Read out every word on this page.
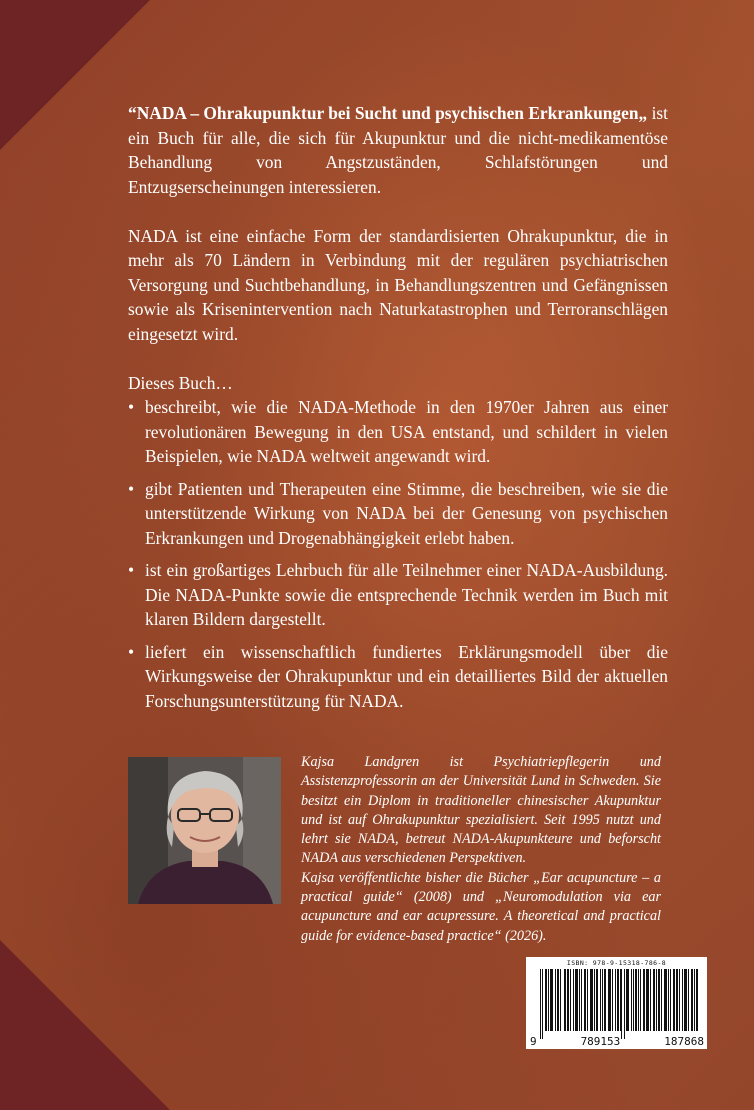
“NADA – Ohrakupunktur bei Sucht und psychischen Erkrankungen„ ist ein Buch für alle, die sich für Akupunktur und die nicht-medikamentöse Behandlung von Angstzuständen, Schlafstörungen und Entzugserscheinungen interessieren.

NADA ist eine einfache Form der standardisierten Ohrakupunktur, die in mehr als 70 Ländern in Verbindung mit der regulären psychiatrischen Versorgung und Suchtbehandlung, in Behandlungszentren und Gefängnissen sowie als Krisenintervention nach Naturkatastrophen und Terroranschlägen eingesetzt wird.

Dieses Buch…

• beschreibt, wie die NADA-Methode in den 1970er Jahren aus einer revolutionären Bewegung in den USA entstand, und schildert in vielen Beispielen, wie NADA weltweit angewandt wird.
• gibt Patienten und Therapeuten eine Stimme, die beschreiben, wie sie die unterstützende Wirkung von NADA bei der Genesung von psychischen Erkrankungen und Drogenabhängigkeit erlebt haben.
• ist ein großartiges Lehrbuch für alle Teilnehmer einer NADA-Ausbildung. Die NADA-Punkte sowie die entsprechende Technik werden im Buch mit klaren Bildern dargestellt.
• liefert ein wissenschaftlich fundiertes Erklärungsmodell über die Wirkungsweise der Ohrakupunktur und ein detailliertes Bild der aktuellen Forschungsunterstützung für NADA.

Kajsa Landgren ist Psychiatriepflegerin und Assistenzprofessorin an der Universität Lund in Schweden. Sie besitzt ein Diplom in traditioneller chinesischer Akupunktur und ist auf Ohrakupunktur spezialisiert. Seit 1995 nutzt und lehrt sie NADA, betreut NADA-Akupunkteure und beforscht NADA aus verschiedenen Perspektiven.

Kajsa veröffentlichte bisher die Bücher „Ear acupuncture – a practical guide“ (2008) und „Neuromodulation via ear acupuncture and ear acupressure. A theoretical and practical guide for evidence-based practice“ (2026).

ISBN: 978-9-15318-786-8
9	789153	187868
